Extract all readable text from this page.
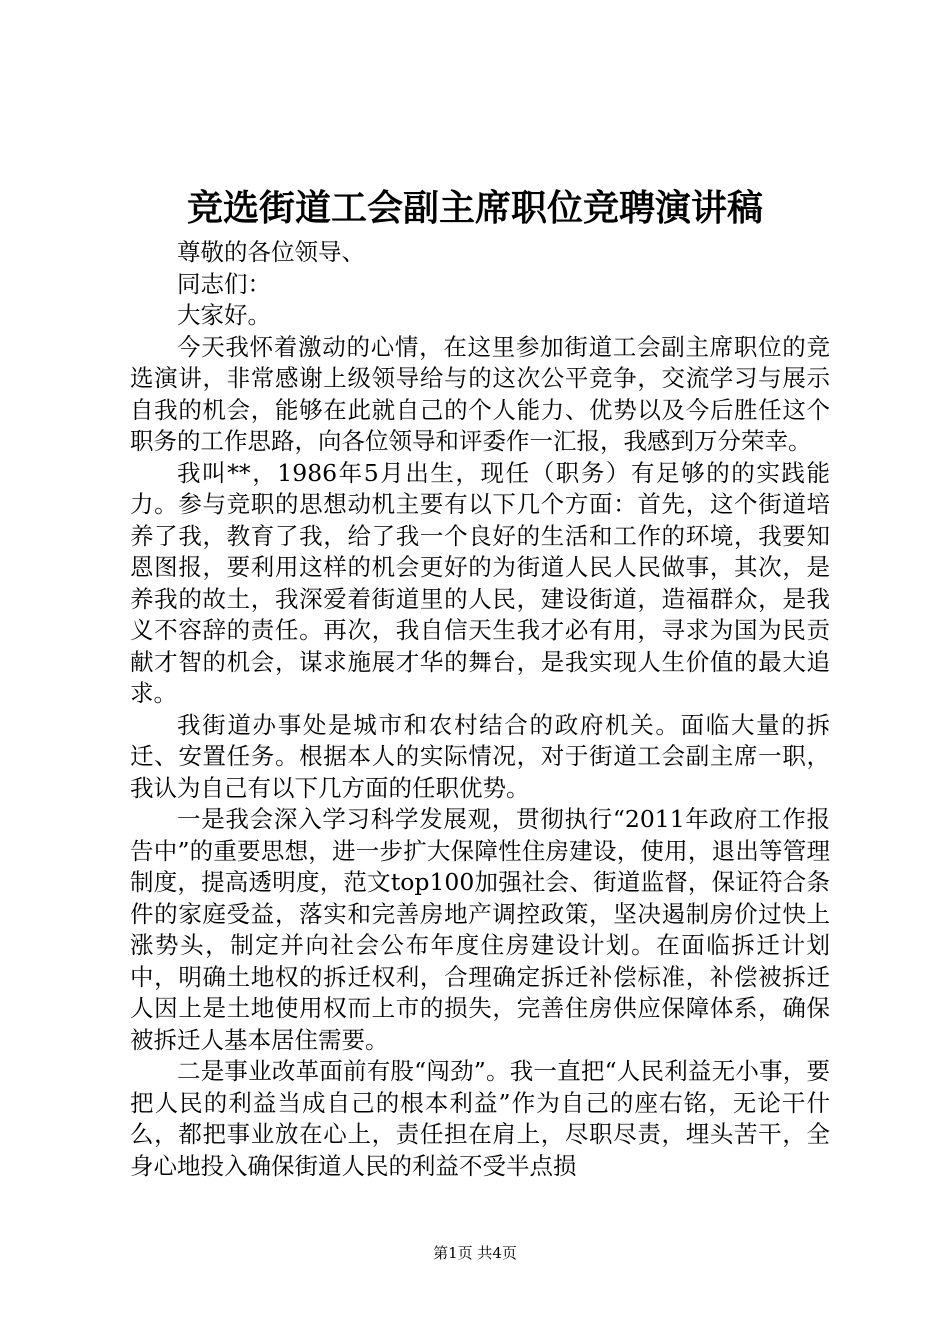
竞选街道工会副主席职位竞聘演讲稿

尊敬的各位领导、

同志们：

大家好。

今天我怀着激动的心情，在这里参加街道工会副主席职位的竞选演讲，非常感谢上级领导给与的这次公平竞争，交流学习与展示自我的机会，能够在此就自己的个人能力、优势以及今后胜任这个职务的工作思路，向各位领导和评委作一汇报，我感到万分荣幸。

我叫**，1986年5月出生，现任（职务）有足够的的实践能力。参与竞职的思想动机主要有以下几个方面：首先，这个街道培养了我，教育了我，给了我一个良好的生活和工作的环境，我要知恩图报，要利用这样的机会更好的为街道人民人民做事，其次，是养我的故土，我深爱着街道里的人民，建设街道，造福群众，是我义不容辞的责任。再次，我自信天生我才必有用，寻求为国为民贡献才智的机会，谋求施展才华的舞台，是我实现人生价值的最大追求。

我街道办事处是城市和农村结合的政府机关。面临大量的拆迁、安置任务。根据本人的实际情况，对于街道工会副主席一职，我认为自己有以下几方面的任职优势。

一是我会深入学习科学发展观，贯彻执行“2011年政府工作报告中”的重要思想，进一步扩大保障性住房建设，使用，退出等管理制度，提高透明度，范文top100加强社会、街道监督，保证符合条件的家庭受益，落实和完善房地产调控政策，坚决遏制房价过快上涨势头，制定并向社会公布年度住房建设计划。在面临拆迁计划中，明确土地权的拆迁权利，合理确定拆迁补偿标准，补偿被拆迁人因上是土地使用权而上市的损失，完善住房供应保障体系，确保被拆迁人基本居住需要。

二是事业改革面前有股“闯劲”。我一直把“人民利益无小事，要把人民的利益当成自己的根本利益”作为自己的座右铭，无论干什么，都把事业放在心上，责任担在肩上，尽职尽责，埋头苦干，全身心地投入确保街道人民的利益不受半点损

第1页 共4页
